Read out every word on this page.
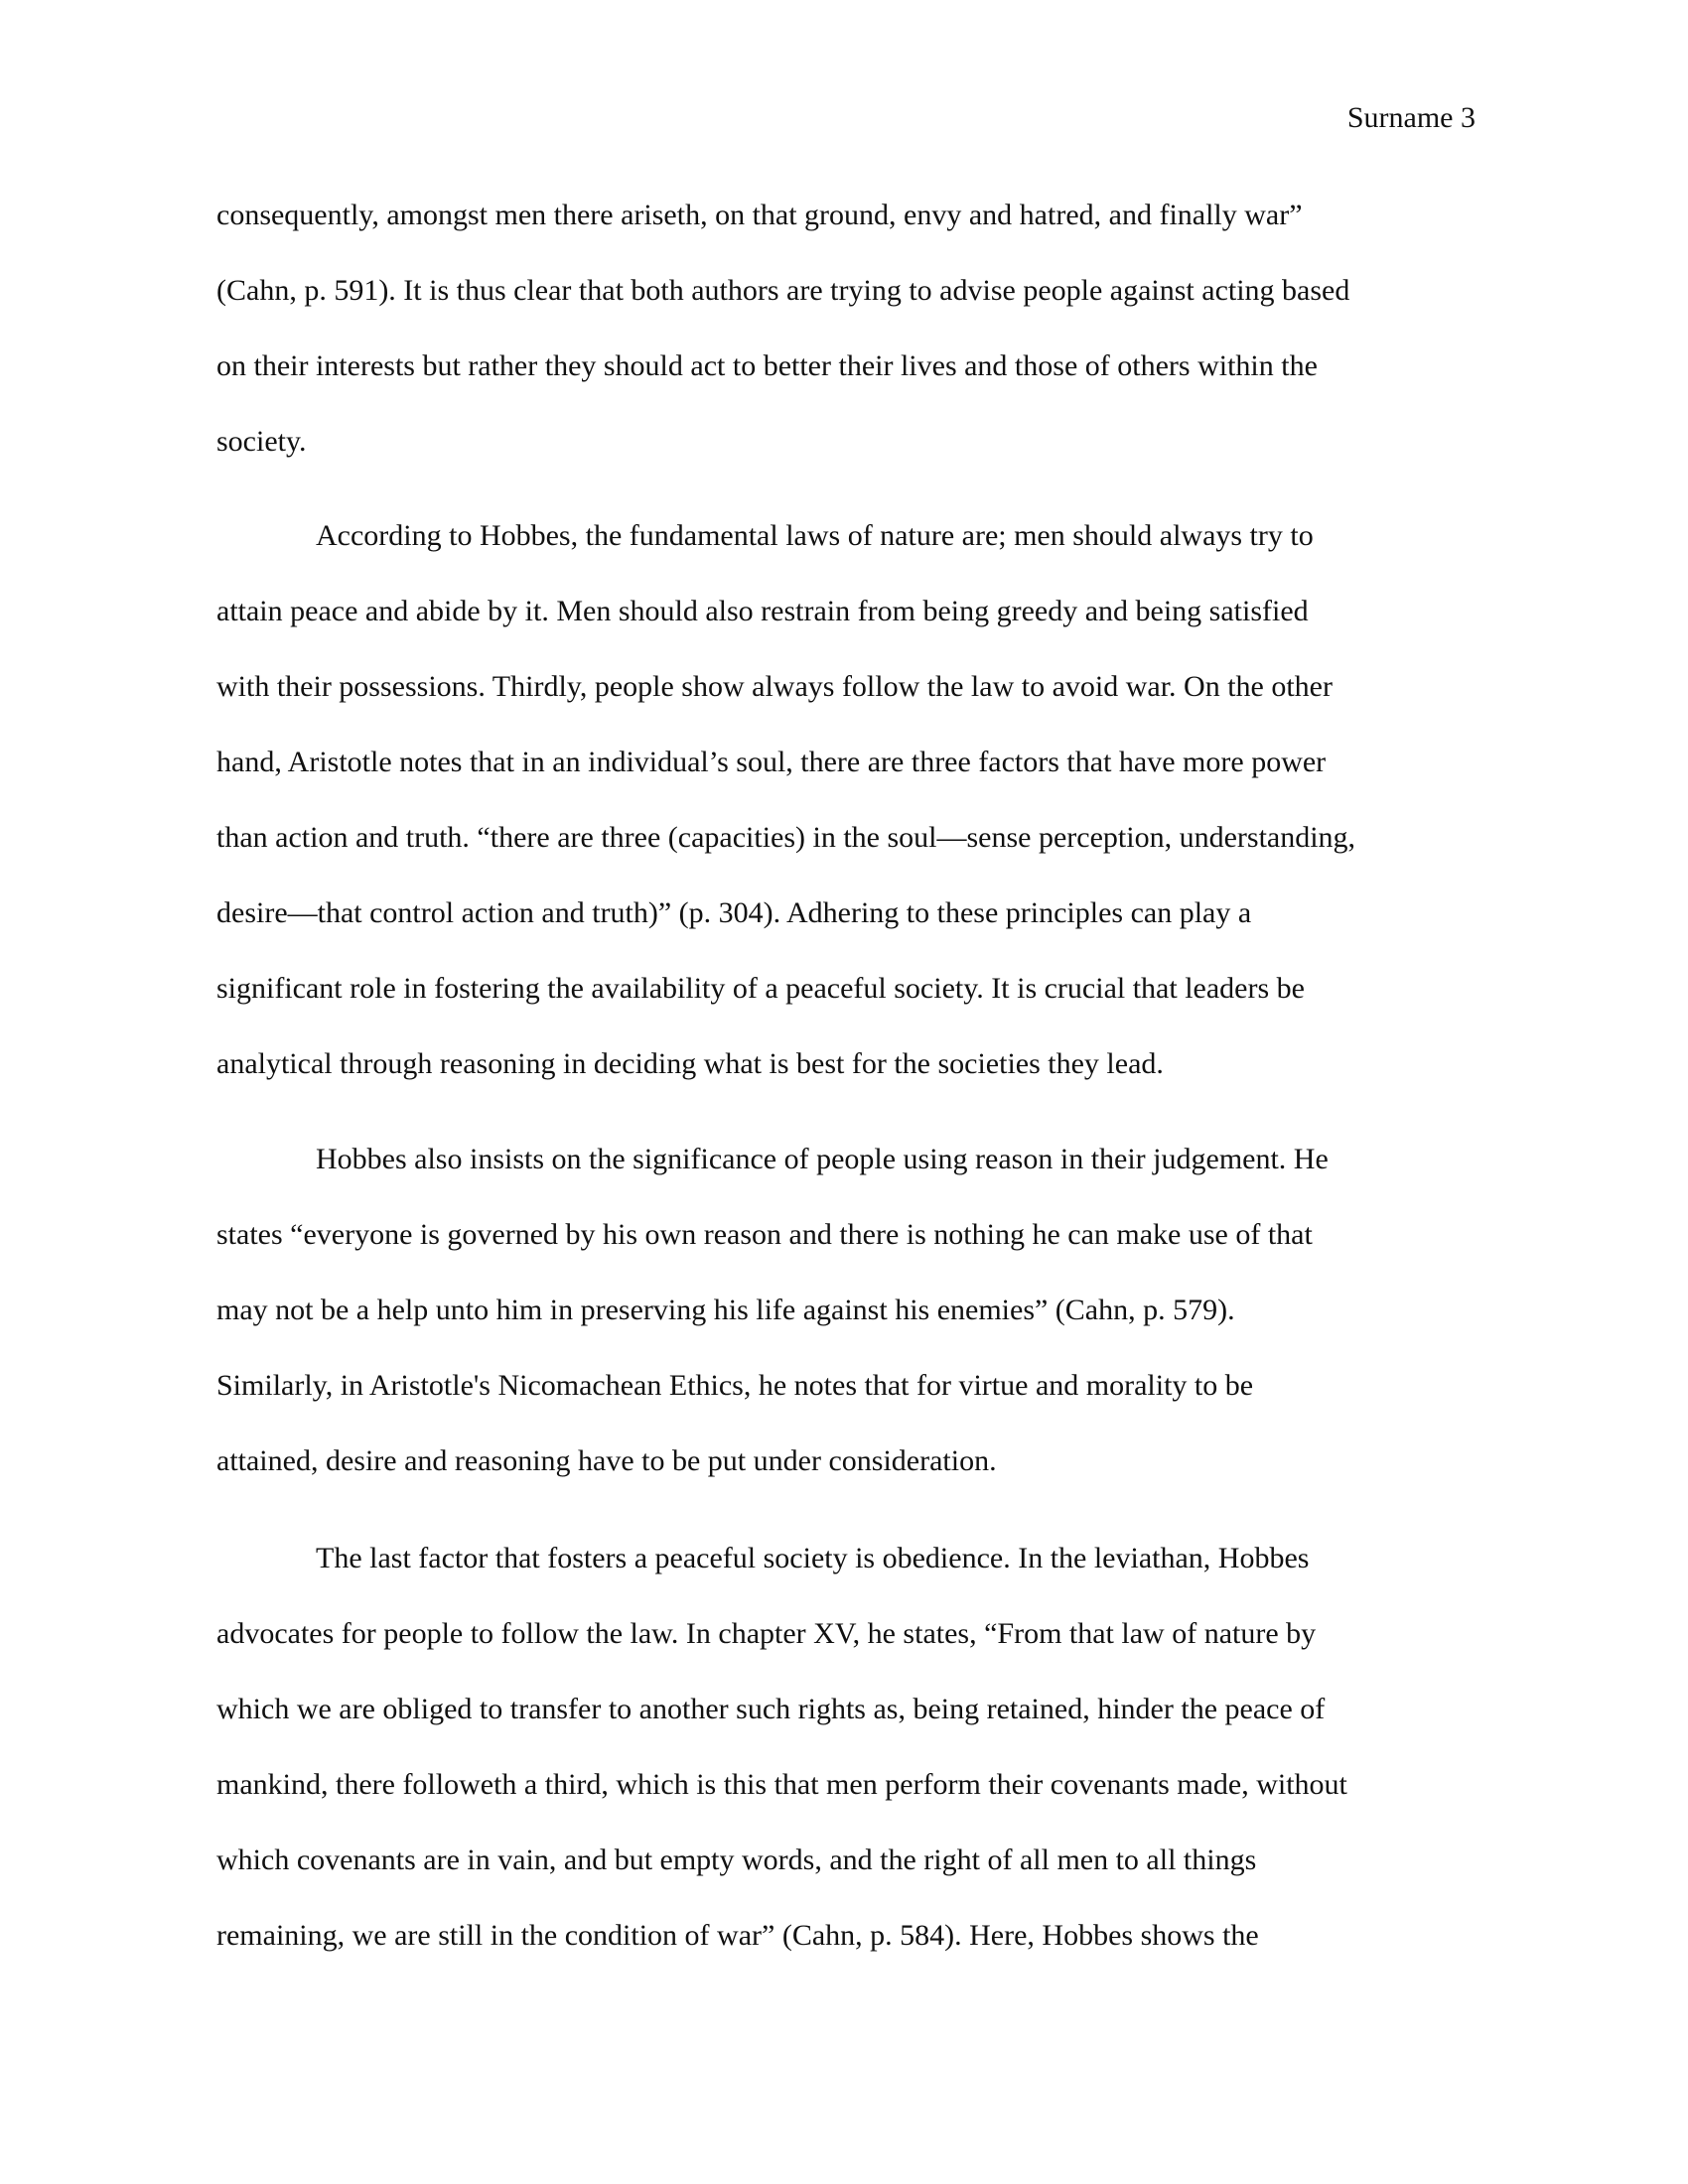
Surname 3
consequently, amongst men there ariseth, on that ground, envy and hatred, and finally war”
(Cahn, p. 591). It is thus clear that both authors are trying to advise people against acting based
on their interests but rather they should act to better their lives and those of others within the
society.
According to Hobbes, the fundamental laws of nature are; men should always try to
attain peace and abide by it. Men should also restrain from being greedy and being satisfied
with their possessions. Thirdly, people show always follow the law to avoid war. On the other
hand, Aristotle notes that in an individual’s soul, there are three factors that have more power
than action and truth. “there are three (capacities) in the soul—sense perception, understanding,
desire—that control action and truth)” (p. 304). Adhering to these principles can play a
significant role in fostering the availability of a peaceful society. It is crucial that leaders be
analytical through reasoning in deciding what is best for the societies they lead.
Hobbes also insists on the significance of people using reason in their judgement. He
states “everyone is governed by his own reason and there is nothing he can make use of that
may not be a help unto him in preserving his life against his enemies” (Cahn, p. 579).
Similarly, in Aristotle's Nicomachean Ethics, he notes that for virtue and morality to be
attained, desire and reasoning have to be put under consideration.
The last factor that fosters a peaceful society is obedience. In the leviathan, Hobbes
advocates for people to follow the law. In chapter XV, he states, “From that law of nature by
which we are obliged to transfer to another such rights as, being retained, hinder the peace of
mankind, there followeth a third, which is this that men perform their covenants made, without
which covenants are in vain, and but empty words, and the right of all men to all things
remaining, we are still in the condition of war” (Cahn, p. 584). Here, Hobbes shows the
